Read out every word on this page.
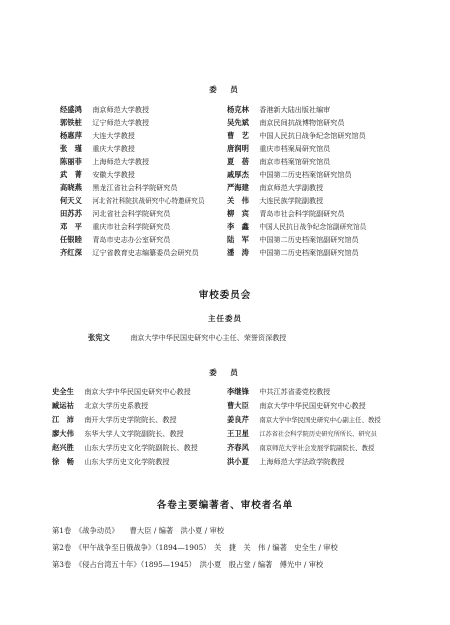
委　员
经盛鸿 南京师范大学教授
郭铁桩 辽宁师范大学教授
杨惠萍 大连大学教授
张　瑾 重庆大学教授
陈丽菲 上海师范大学教授
武　菁 安徽大学教授
高晓燕 黑龙江省社会科学院研究员
何天义 河北省社科院抗战研究中心特邀研究员
田苏苏 河北省社会科学院研究员
邓　平 重庆市社会科学院研究员
任银睦 青岛市史志办公室研究员
齐红深 辽宁省教育史志编纂委员会研究员
杨克林 香港新大陆出版社编审
吴先斌 南京民间抗战博物馆研究员
曹　艺 中国人民抗日战争纪念馆研究馆员
唐润明 重庆市档案局研究馆员
夏　蓓 南京市档案馆研究馆员
戚厚杰 中国第二历史档案馆研究馆员
严海建 南京师范大学副教授
关　伟 大连民族学院副教授
柳　宾 青岛市社会科学院副研究员
李　鑫 中国人民抗日战争纪念馆副研究馆员
陆　军 中国第二历史档案馆副研究馆员
潘　涛 中国第二历史档案馆副研究馆员
审校委员会
主任委员
张宪文	南京大学中华民国史研究中心主任、荣誉资深教授
委　员
史全生 南京大学中华民国史研究中心教授
臧运祜 北京大学历史系教授
江　沛 南开大学历史学院院长、教授
廖大伟 东华大学人文学院副院长、教授
赵兴胜 山东大学历史文化学院副院长、教授
徐　畅 山东大学历史文化学院教授
李继锋 中共江苏省委党校教授
曹大臣 南京大学中华民国史研究中心教授
姜良芹 南京大学中华民国史研究中心副主任、教授
王卫星 江苏省社会科学院历史研究所所长、研究员
齐春风 南京师范大学社会发展学院副院长、教授
洪小夏 上海师范大学法政学院教授
各卷主要编著者、审校者名单
第1卷　《战争动员》　　曹大臣 / 编著　洪小夏 / 审校
第2卷　《甲午战争至日俄战争》（1894—1905）　关　捷　关　伟 / 编著　史全生 / 审校
第3卷　《侵占台湾五十年》（1895—1945）　洪小夏　殷占堂 / 编著　傅光中 / 审校
